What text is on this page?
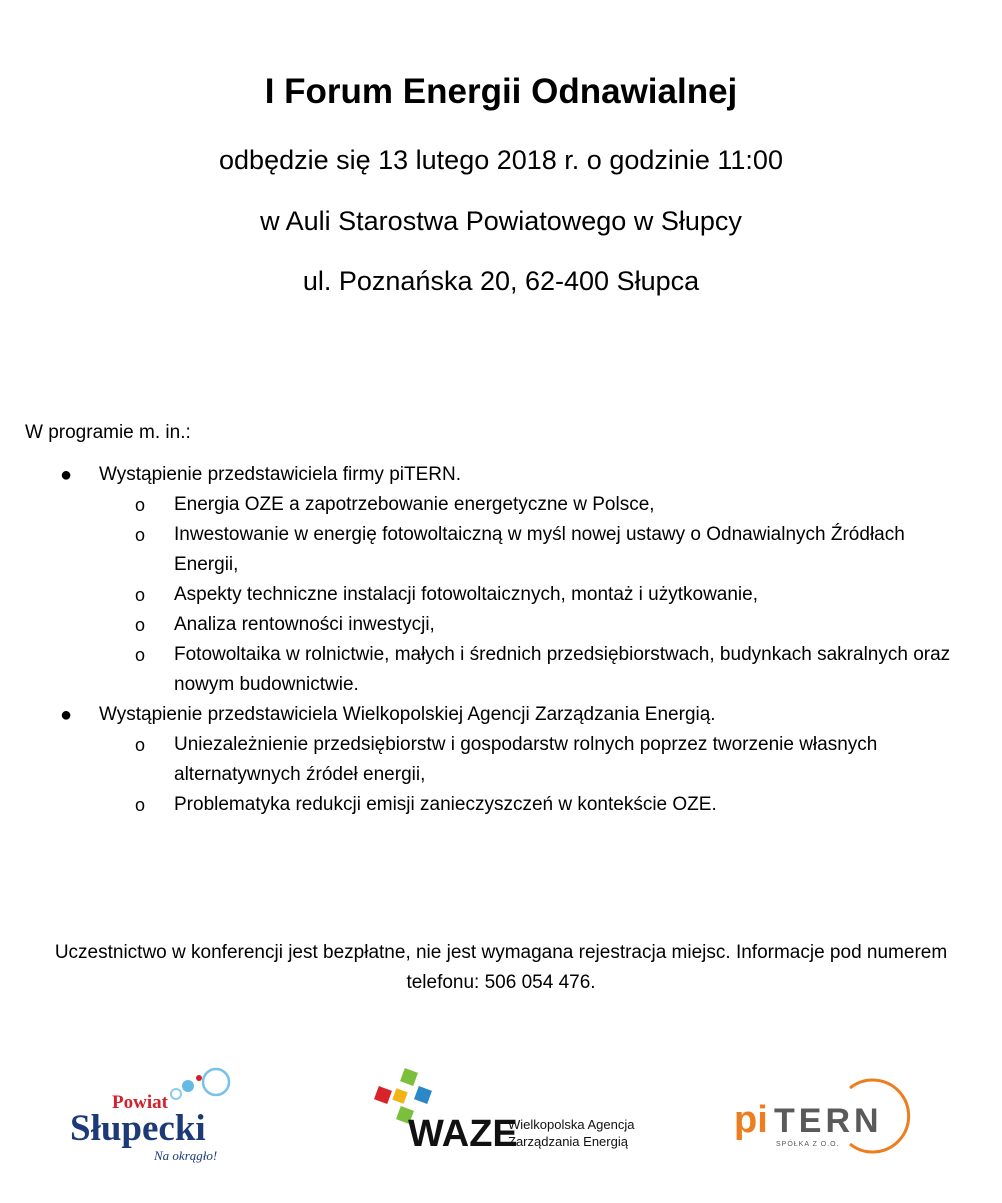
I Forum Energii Odnawialnej
odbędzie się 13 lutego 2018 r. o godzinie 11:00
w Auli Starostwa Powiatowego w Słupcy
ul. Poznańska 20, 62-400 Słupca
W programie m. in.:
● Wystąpienie przedstawiciela firmy piTERN.
o Energia OZE a zapotrzebowanie energetyczne w Polsce,
o Inwestowanie w energię fotowoltaiczną w myśl nowej ustawy o Odnawialnych Źródłach Energii,
o Aspekty techniczne instalacji fotowoltaicznych, montaż i użytkowanie,
o Analiza rentowności inwestycji,
o Fotowoltaika w rolnictwie, małych i średnich przedsiębiorstwach, budynkach sakralnych oraz nowym budownictwie.
● Wystąpienie przedstawiciela Wielkopolskiej Agencji Zarządzania Energią.
o Uniezależnienie przedsiębiorstw i gospodarstw rolnych poprzez tworzenie własnych alternatywnych źródeł energii,
o Problematyka redukcji emisji zanieczyszczeń w kontekście OZE.
Uczestnictwo w konferencji jest bezpłatne, nie jest wymagana rejestracja miejsc. Informacje pod numerem telefonu: 506 054 476.
Powiat
Słupecki
Na okrągło!
WAZE
Wielkopolska Agencja
Zarządzania Energią
pi TERN
SPÓŁKA Z O.O.
